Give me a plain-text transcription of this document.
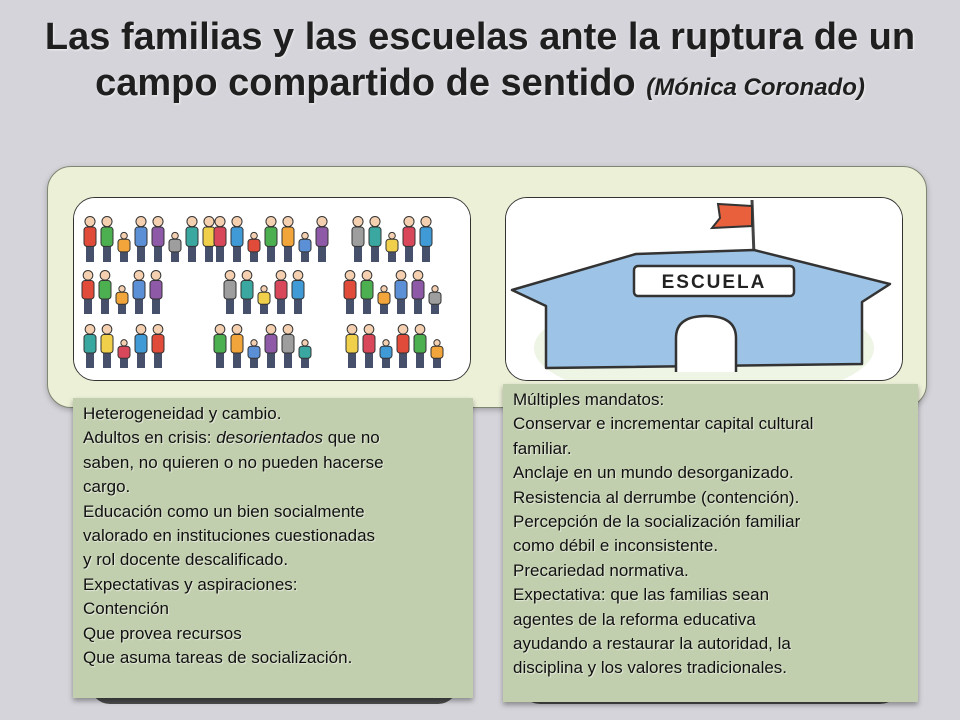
Las familias y las escuelas ante la ruptura de un campo compartido de sentido (Mónica Coronado)
ESCUELA
Heterogeneidad y cambio.
Adultos en crisis: desorientados que no
saben, no quieren o no pueden hacerse
cargo.
Educación como un bien socialmente
valorado en instituciones cuestionadas
y rol docente descalificado.
Expectativas y aspiraciones:
Contención
Que provea recursos
Que asuma tareas de socialización.
Múltiples mandatos:
Conservar e incrementar capital cultural
familiar.
Anclaje en un mundo desorganizado.
Resistencia al derrumbe (contención).
Percepción de la socialización familiar
como débil e inconsistente.
Precariedad normativa.
Expectativa: que las familias sean
agentes de la reforma educativa
ayudando a restaurar la autoridad, la
disciplina y los valores tradicionales.
